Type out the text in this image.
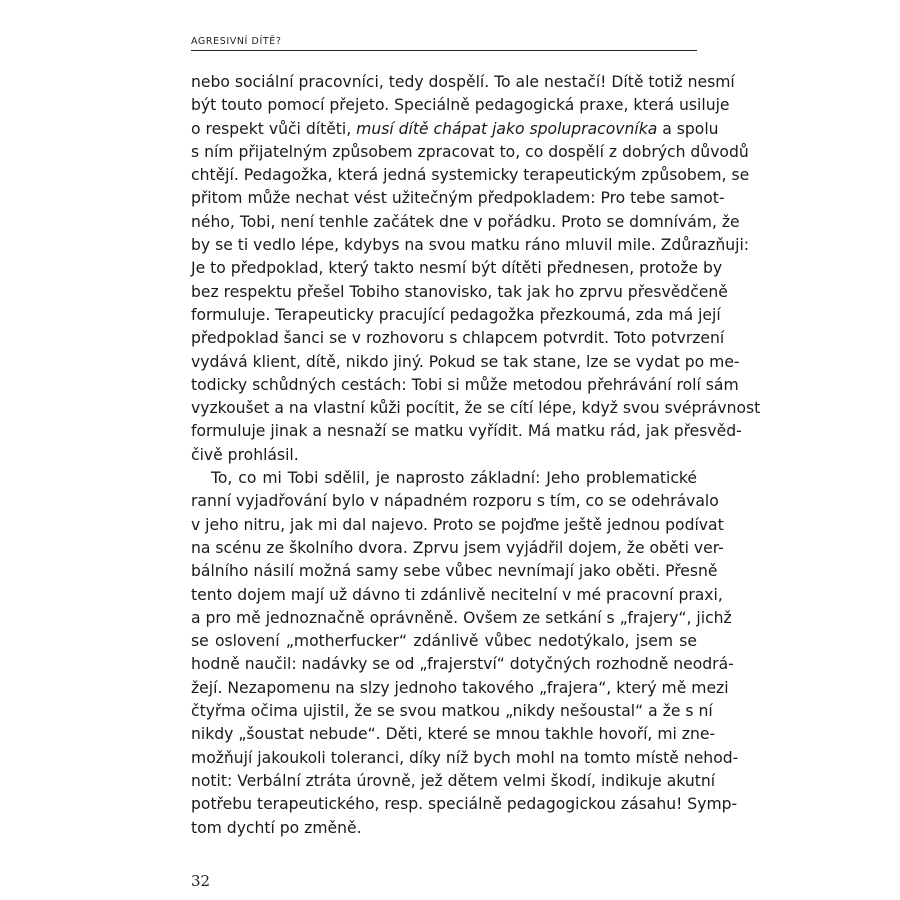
AGRESIVNÍ DÍTĚ?
nebo sociální pracovníci, tedy dospělí. To ale nestačí! Dítě totiž nesmí
být touto pomocí přejeto. Speciálně pedagogická praxe, která usiluje
o respekt vůči dítěti, musí dítě chápat jako spolupracovníka a spolu
s ním přijatelným způsobem zpracovat to, co dospělí z dobrých důvodů
chtějí. Pedagožka, která jedná systemicky terapeutickým způsobem, se
přitom může nechat vést užitečným předpokladem: Pro tebe samot-
ného, Tobi, není tenhle začátek dne v pořádku. Proto se domnívám, že
by se ti vedlo lépe, kdybys na svou matku ráno mluvil mile. Zdůrazňuji:
Je to předpoklad, který takto nesmí být dítěti přednesen, protože by
bez respektu přešel Tobiho stanovisko, tak jak ho zprvu přesvědčeně
formuluje. Terapeuticky pracující pedagožka přezkoumá, zda má její
předpoklad šanci se v rozhovoru s chlapcem potvrdit. Toto potvrzení
vydává klient, dítě, nikdo jiný. Pokud se tak stane, lze se vydat po me-
todicky schůdných cestách: Tobi si může metodou přehrávání rolí sám
vyzkoušet a na vlastní kůži pocítit, že se cítí lépe, když svou svéprávnost
formuluje jinak a nesnaží se matku vyřídit. Má matku rád, jak přesvěd-
čivě prohlásil.
To, co mi Tobi sdělil, je naprosto základní: Jeho problematické
ranní vyjadřování bylo v nápadném rozporu s tím, co se odehrávalo
v jeho nitru, jak mi dal najevo. Proto se pojďme ještě jednou podívat
na scénu ze školního dvora. Zprvu jsem vyjádřil dojem, že oběti ver-
bálního násilí možná samy sebe vůbec nevnímají jako oběti. Přesně
tento dojem mají už dávno ti zdánlivě necitelní v mé pracovní praxi,
a pro mě jednoznačně oprávněně. Ovšem ze setkání s „frajery“, jichž
se oslovení „motherfucker“ zdánlivě vůbec nedotýkalo, jsem se
hodně naučil: nadávky se od „frajerství“ dotyčných rozhodně neodrá-
žejí. Nezapomenu na slzy jednoho takového „frajera“, který mě mezi
čtyřma očima ujistil, že se svou matkou „nikdy nešoustal“ a že s ní
nikdy „šoustat nebude“. Děti, které se mnou takhle hovoří, mi zne-
možňují jakoukoli toleranci, díky níž bych mohl na tomto místě nehod-
notit: Verbální ztráta úrovně, jež dětem velmi škodí, indikuje akutní
potřebu terapeutického, resp. speciálně pedagogickou zásahu! Symp-
tom dychtí po změně.
32
